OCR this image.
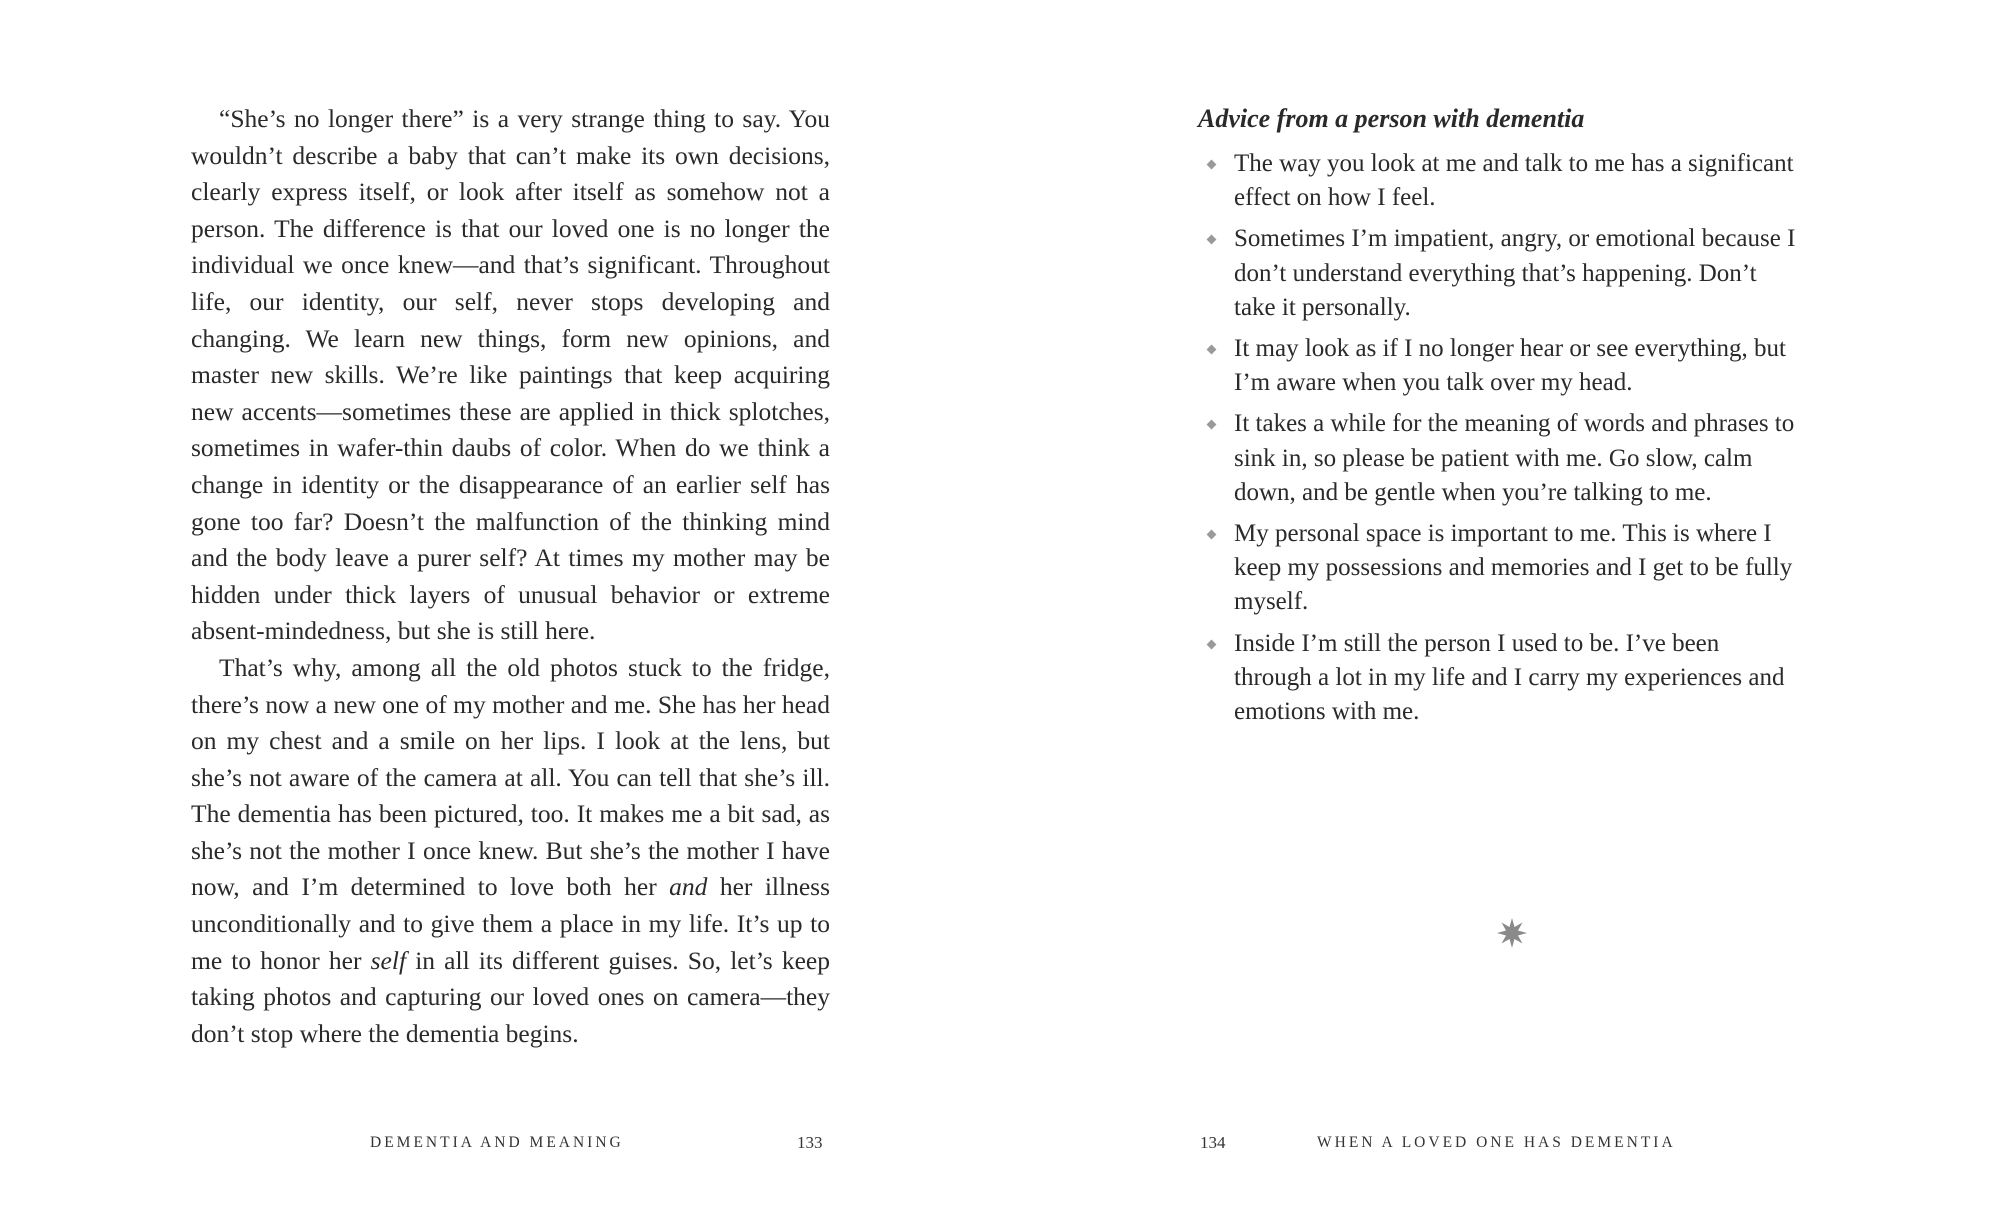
“She’s no longer there” is a very strange thing to say. You wouldn’t describe a baby that can’t make its own decisions, clearly express itself, or look after itself as somehow not a person. The difference is that our loved one is no longer the individual we once knew—and that’s significant. Throughout life, our identity, our self, never stops developing and changing. We learn new things, form new opinions, and master new skills. We’re like paintings that keep acquiring new accents—sometimes these are applied in thick splotches, sometimes in wafer-thin daubs of color. When do we think a change in identity or the disappearance of an earlier self has gone too far? Doesn’t the malfunction of the thinking mind and the body leave a purer self? At times my mother may be hidden under thick layers of unusual behavior or extreme absent-mindedness, but she is still here.

That’s why, among all the old photos stuck to the fridge, there’s now a new one of my mother and me. She has her head on my chest and a smile on her lips. I look at the lens, but she’s not aware of the camera at all. You can tell that she’s ill. The dementia has been pictured, too. It makes me a bit sad, as she’s not the mother I once knew. But she’s the mother I have now, and I’m determined to love both her and her illness unconditionally and to give them a place in my life. It’s up to me to honor her self in all its different guises. So, let’s keep taking photos and capturing our loved ones on camera—they don’t stop where the dementia begins.

DEMENTIA AND MEANING	133
Advice from a person with dementia
The way you look at me and talk to me has a significant effect on how I feel.
Sometimes I’m impatient, angry, or emotional because I don’t understand everything that’s happening. Don’t take it personally.
It may look as if I no longer hear or see everything, but I’m aware when you talk over my head.
It takes a while for the meaning of words and phrases to sink in, so please be patient with me. Go slow, calm down, and be gentle when you’re talking to me.
My personal space is important to me. This is where I keep my possessions and memories and I get to be fully myself.
Inside I’m still the person I used to be. I’ve been through a lot in my life and I carry my experiences and emotions with me.
134	WHEN A LOVED ONE HAS DEMENTIA
